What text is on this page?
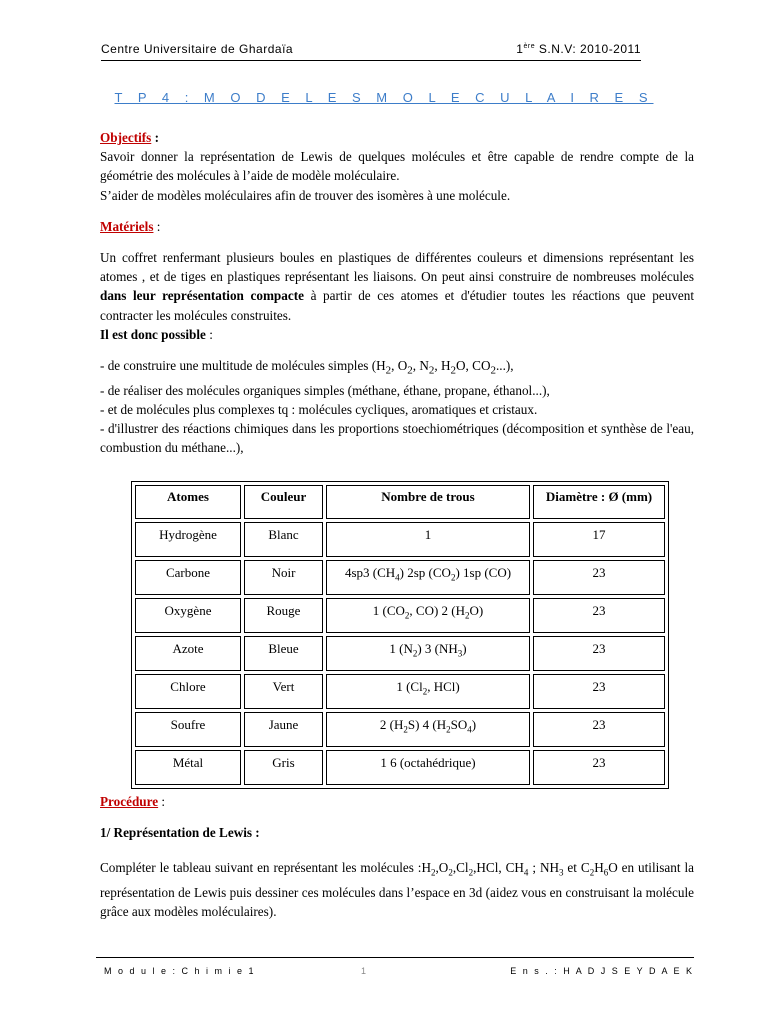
Centre Universitaire de Ghardaïa	1ère S.N.V: 2010-2011
T P 4 : M O D E L E S M O L E C U L A I R E S

Objectifs :

Savoir donner la représentation de Lewis de quelques molécules et être capable de rendre compte de la géométrie des molécules à l’aide de modèle moléculaire.

S’aider de modèles moléculaires afin de trouver des isomères à une molécule.

Matériels :

Un coffret renfermant plusieurs boules en plastiques de différentes couleurs et dimensions représentant les atomes , et de tiges en plastiques représentant les liaisons. On peut ainsi construire de nombreuses molécules dans leur représentation compacte à partir de ces atomes et d'étudier toutes les réactions que peuvent contracter les molécules construites.

Il est donc possible :

- de construire une multitude de molécules simples ($H_2$, $O_2$, $N_2$, $H_2O$, $CO_2$...),

- de réaliser des molécules organiques simples (méthane, éthane, propane, éthanol...),

- et de molécules plus complexes tq : molécules cycliques, aromatiques et cristaux.

- d'illustrer des réactions chimiques dans les proportions stoechiométriques (décomposition et synthèse de l'eau, combustion du méthane...),

Atomes	Couleur	Nombre de trous	Diamètre : Ø (mm)
Hydrogène	Blanc	1	17
Carbone	Noir	4sp3 $(CH_4)$ 2sp $(CO_2)$ 1sp (CO)	23
Oxygène	Rouge	1 ($CO_2$, CO) 2 $(H_2O)$	23
Azote	Bleue	1 $(N_2)$ 3 $(NH_3)$	23
Chlore	Vert	1 ($Cl_2$, HCl)	23
Soufre	Jaune	2 $(H_2S)$ 4 $(H_2SO_4)$	23
Métal	Gris	1 6 (octahédrique)	23

Procédure :

1/ Représentation de Lewis :

Compléter le tableau suivant en représentant les molécules $:H_2,O_2,Cl_2,HCl$, $CH_4$ ; $NH_3$ et $C_2H_6O$ en utilisant la représentation de Lewis puis dessiner ces molécules dans l’espace en 3d (aidez vous en construisant la molécule grâce aux modèles moléculaires).

M o d u l e : C h i m i e 1	1	E n s . : H A D J S E Y D A E K
